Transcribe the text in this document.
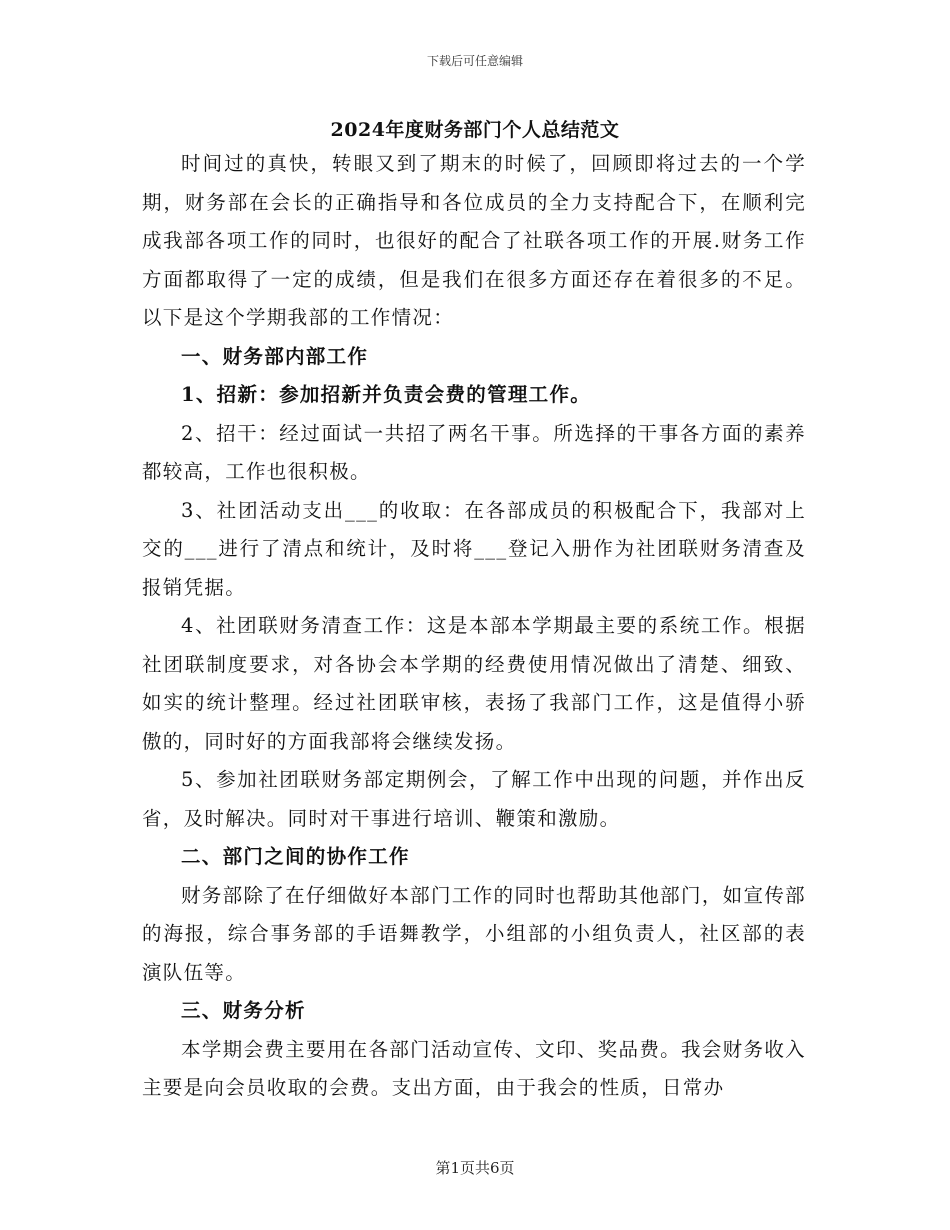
下载后可任意编辑
2024年度财务部门个人总结范文

时间过的真快，转眼又到了期末的时候了，回顾即将过去的一个学期，财务部在会长的正确指导和各位成员的全力支持配合下，在顺利完成我部各项工作的同时，也很好的配合了社联各项工作的开展.财务工作方面都取得了一定的成绩，但是我们在很多方面还存在着很多的不足。以下是这个学期我部的工作情况：

一、财务部内部工作

1、招新：参加招新并负责会费的管理工作。

2、招干：经过面试一共招了两名干事。所选择的干事各方面的素养都较高，工作也很积极。

3、社团活动支出___的收取：在各部成员的积极配合下，我部对上交的___进行了清点和统计，及时将___登记入册作为社团联财务清查及报销凭据。

4、社团联财务清查工作：这是本部本学期最主要的系统工作。根据社团联制度要求，对各协会本学期的经费使用情况做出了清楚、细致、如实的统计整理。经过社团联审核，表扬了我部门工作，这是值得小骄傲的，同时好的方面我部将会继续发扬。

5、参加社团联财务部定期例会，了解工作中出现的问题，并作出反省，及时解决。同时对干事进行培训、鞭策和激励。

二、部门之间的协作工作

财务部除了在仔细做好本部门工作的同时也帮助其他部门，如宣传部的海报，综合事务部的手语舞教学，小组部的小组负责人，社区部的表演队伍等。

三、财务分析

本学期会费主要用在各部门活动宣传、文印、奖品费。我会财务收入主要是向会员收取的会费。支出方面，由于我会的性质，日常办

第1页共6页
